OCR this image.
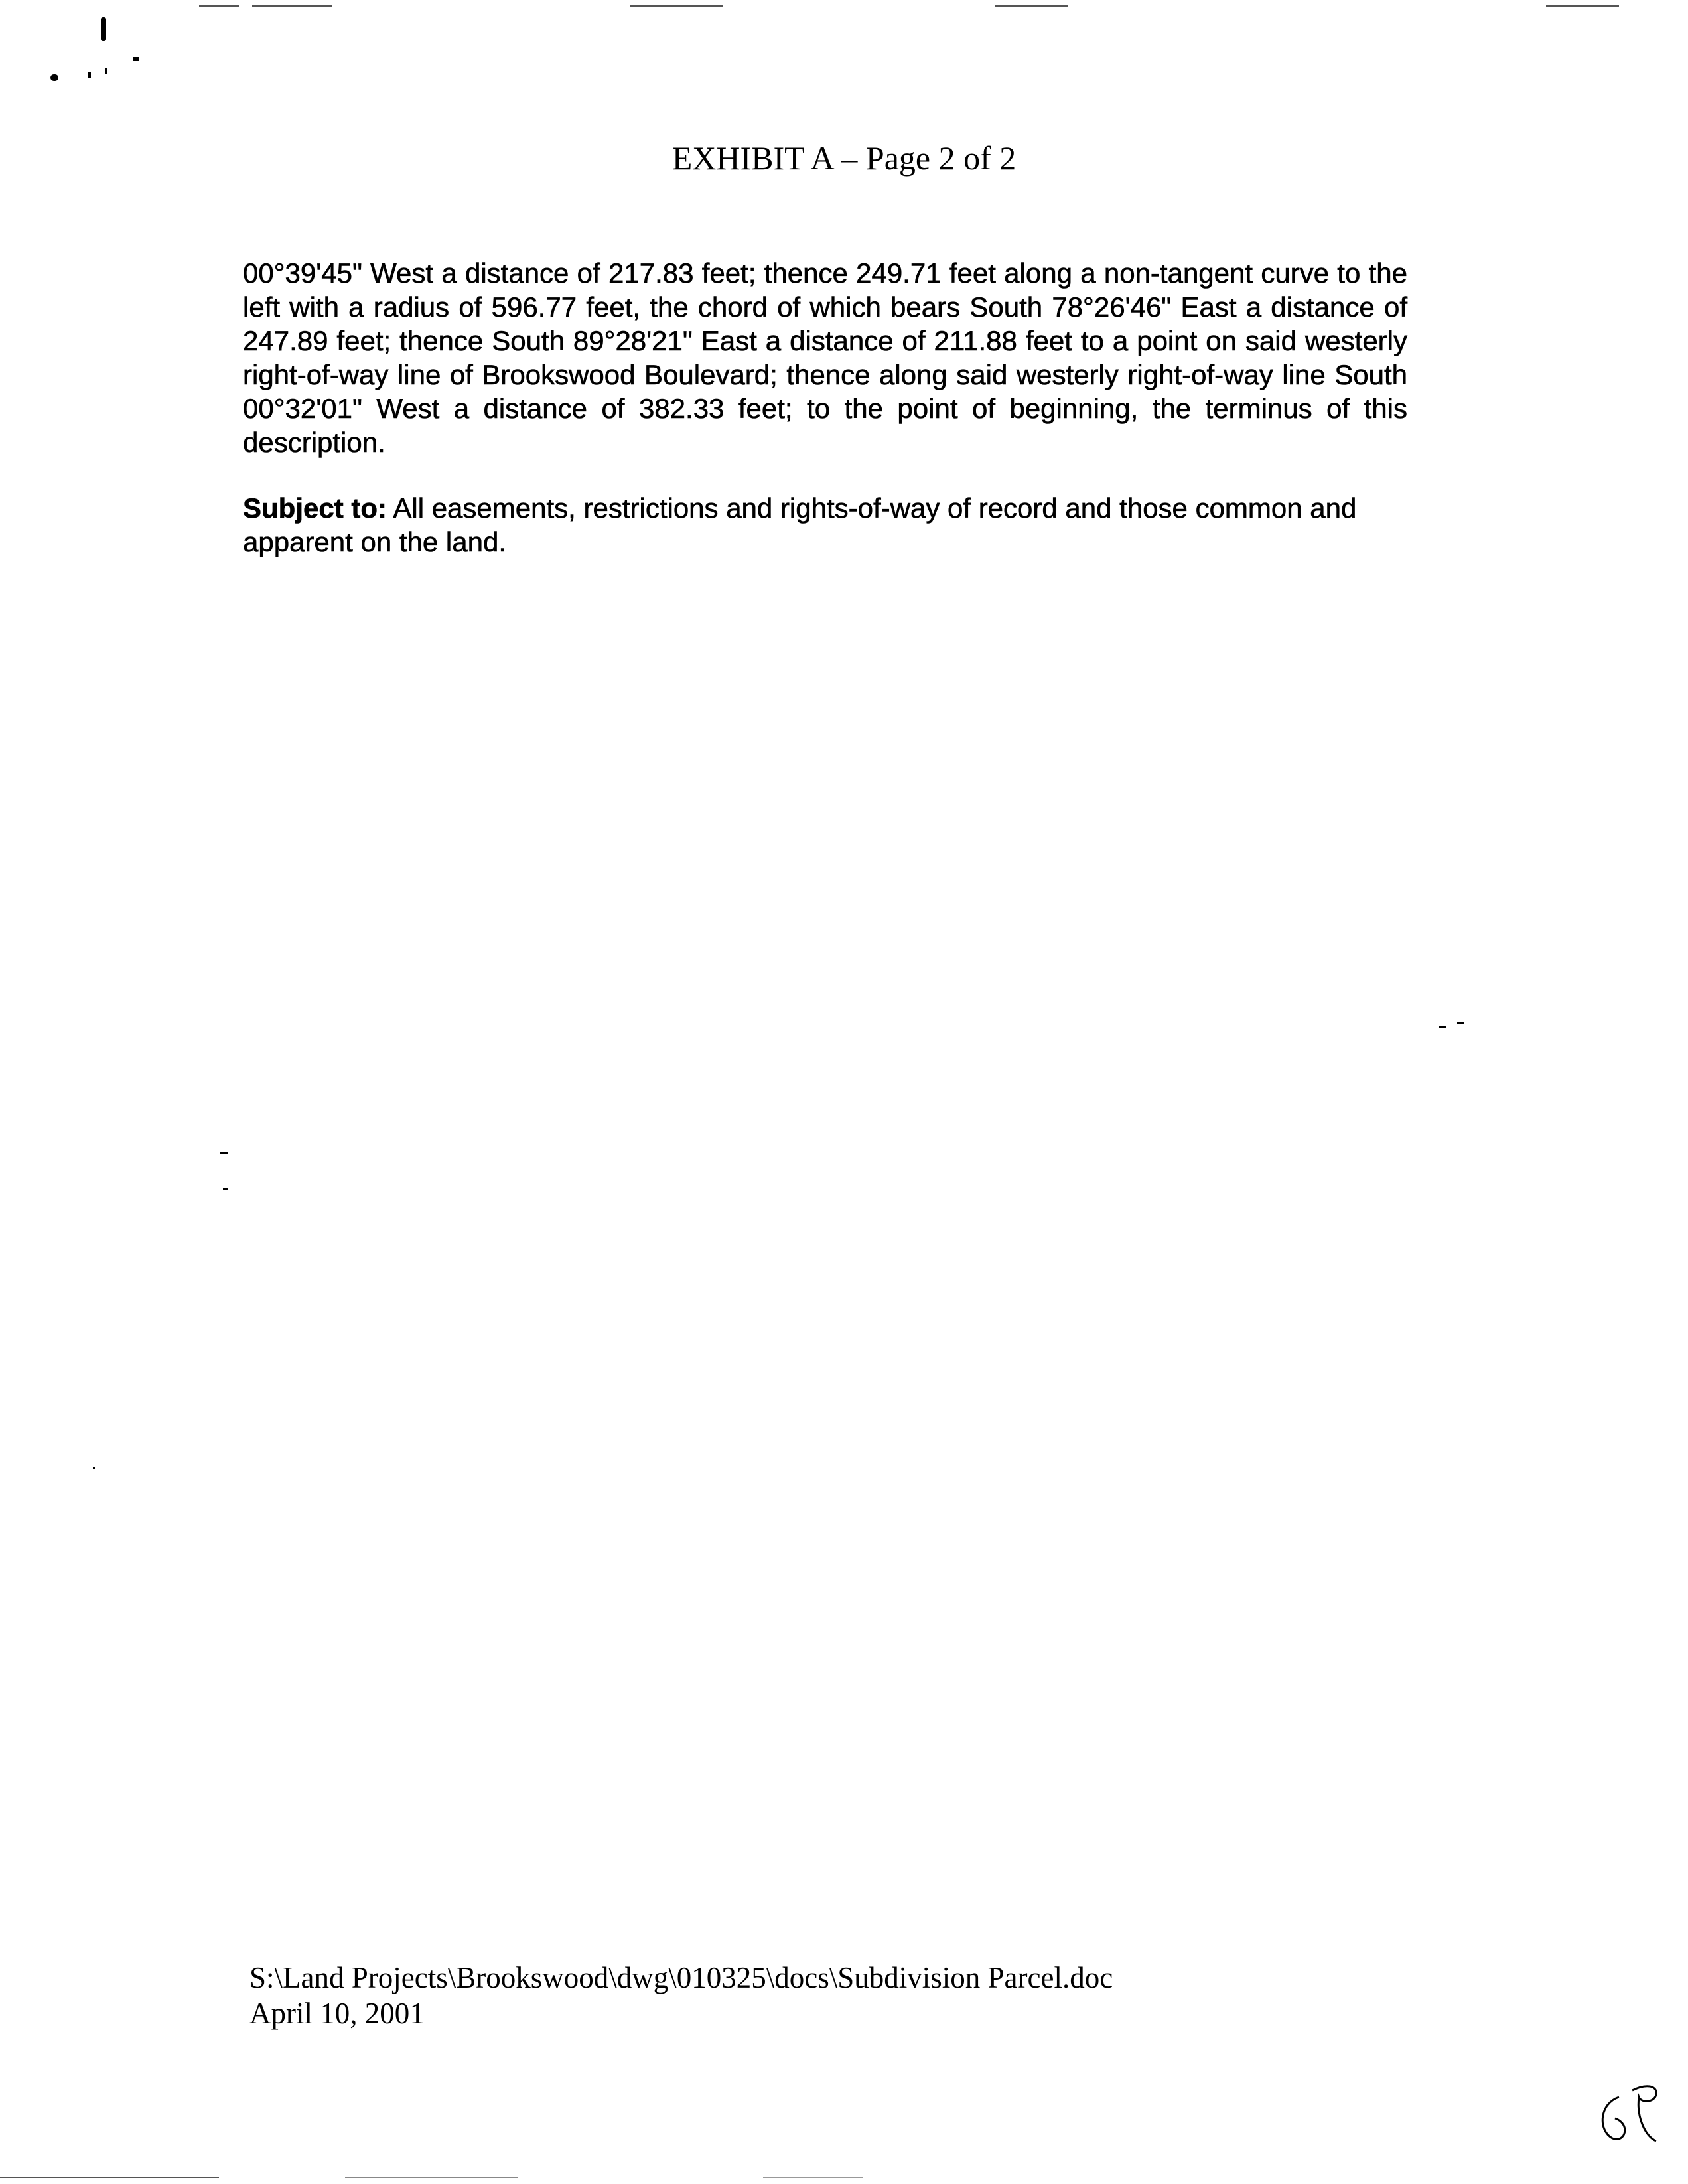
EXHIBIT A – Page 2 of 2

00°39'45" West a distance of 217.83 feet; thence 249.71 feet along a non-tangent curve to the left with a radius of 596.77 feet, the chord of which bears South 78°26'46" East a distance of 247.89 feet; thence South 89°28'21" East a distance of 211.88 feet to a point on said westerly right-of-way line of Brookswood Boulevard; thence along said westerly right-of-way line South 00°32'01" West a distance of 382.33 feet; to the point of beginning, the terminus of this description.

Subject to: All easements, restrictions and rights-of-way of record and those common and apparent on the land.

S:\Land Projects\Brookswood\dwg\010325\docs\Subdivision Parcel.doc
April 10, 2001
